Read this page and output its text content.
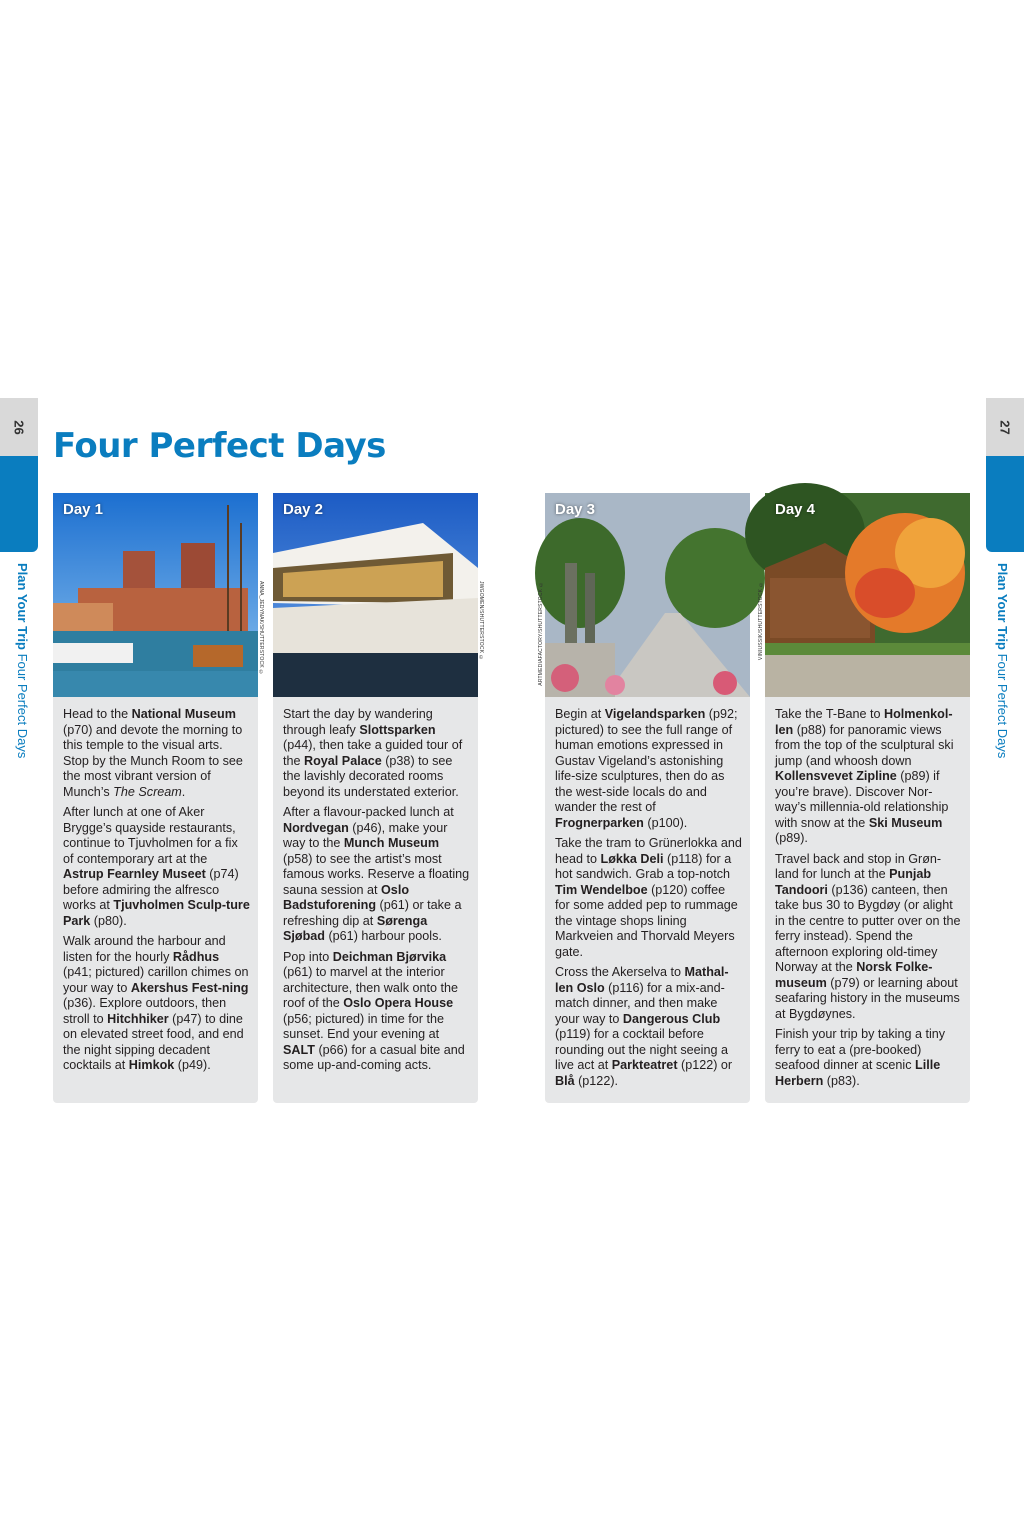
26
Plan Your Trip Four Perfect Days
Four Perfect Days
Day 1
ANNA_JEDYNAK/SHUTTERSTOCK ©

Head to the National Museum (p70) and devote the morning to this temple to the visual arts. Stop by the Munch Room to see the most vibrant version of Munch’s The Scream.

After lunch at one of Aker Brygge’s quayside restaurants, continue to Tjuvholmen for a fix of contemporary art at the Astrup Fearnley Museet (p74) before admiring the alfresco works at Tjuvholmen Sculp-ture Park (p80).

Walk around the harbour and listen for the hourly Rådhus (p41; pictured) carillon chimes on your way to Akershus Fest-ning (p36). Explore outdoors, then stroll to Hitchhiker (p47) to dine on elevated street food, and end the night sipping decadent cocktails at Himkok (p49).

Day 2
JWGOMEN/SHUTTERSTOCK ©

Start the day by wandering through leafy Slottsparken (p44), then take a guided tour of the Royal Palace (p38) to see the lavishly decorated rooms beyond its understated exterior.

After a flavour-packed lunch at Nordvegan (p46), make your way to the Munch Museum (p58) to see the artist’s most famous works. Reserve a floating sauna session at Oslo Badstuforening (p61) or take a refreshing dip at Sørenga Sjøbad (p61) harbour pools.

Pop into Deichman Bjørvika (p61) to marvel at the interior architecture, then walk onto the roof of the Oslo Opera House (p56; pictured) in time for the sunset. End your evening at SALT (p66) for a casual bite and some up-and-coming acts.

27
Plan Your Trip Four Perfect Days
Day 3
ARTMEDIAFACTORY/SHUTTERSTOCK ©

Begin at Vigelandsparken (p92; pictured) to see the full range of human emotions expressed in Gustav Vigeland’s astonishing life-size sculptures, then do as the west-side locals do and wander the rest of Frognerparken (p100).

Take the tram to Grünerlokka and head to Løkka Deli (p118) for a hot sandwich. Grab a top-notch Tim Wendelboe (p120) coffee for some added pep to rummage the vintage shops lining Markveien and Thorvald Meyers gate.

Cross the Akerselva to Mathal-len Oslo (p116) for a mix-and-match dinner, and then make your way to Dangerous Club (p119) for a cocktail before rounding out the night seeing a live act at Parkteatret (p122) or Blå (p122).

Day 4
VINIUSSIK/SHUTTERSTOCK ©

Take the T-Bane to Holmenkol-len (p88) for panoramic views from the top of the sculptural ski jump (and whoosh down Kollensvevet Zipline (p89) if you’re brave). Discover Nor-way’s millennia-old relationship with snow at the Ski Museum (p89).

Travel back and stop in Grøn-land for lunch at the Punjab Tandoori (p136) canteen, then take bus 30 to Bygdøy (or alight in the centre to putter over on the ferry instead). Spend the afternoon exploring old-timey Norway at the Norsk Folke-museum (p79) or learning about seafaring history in the museums at Bygdøynes.

Finish your trip by taking a tiny ferry to eat a (pre-booked) seafood dinner at scenic Lille Herbern (p83).
